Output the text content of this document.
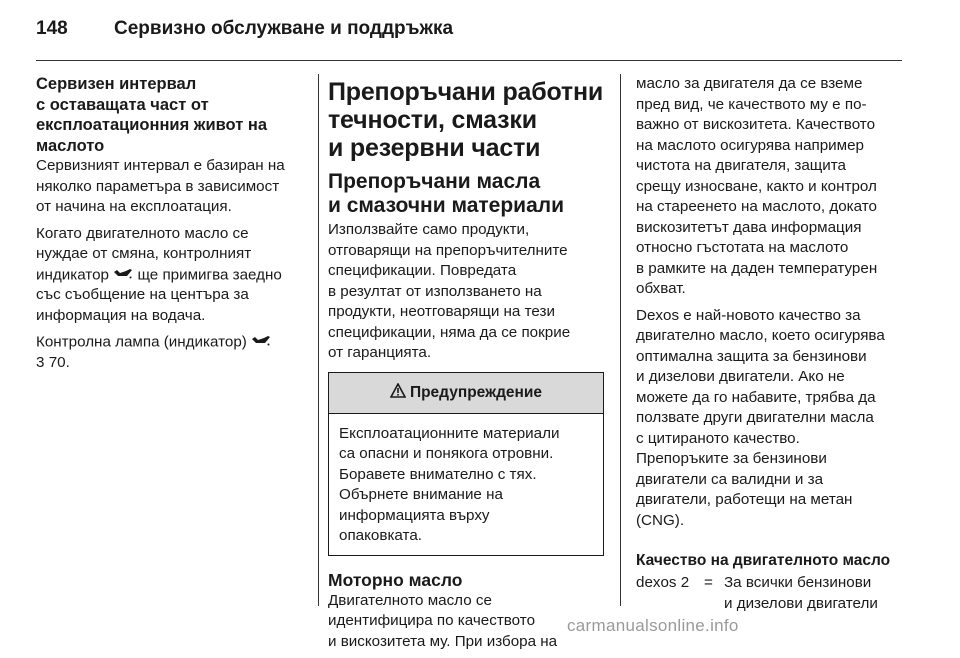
148 Сервизно обслужване и поддръжка
Сервизен интервал
с оставащата част от
експлоатационния живот на
маслото

Сервизният интервал е базиран на
няколко параметъра в зависимост
от начина на експлоатация.

Когато двигателното масло се
нуждае от смяна, контролният
индикатор ще примигва заедно
със съобщение на центъра за
информация на водача.

Контролна лампа (индикатор)
3 70.

Препоръчани работни
течности, смазки
и резервни части
Препоръчани масла
и смазочни материали

Използвайте само продукти,
отговарящи на препоръчителните
спецификации. Повредата
в резултат от използването на
продукти, неотговарящи на тези
спецификации, няма да се покрие
от гаранцията.

Предупреждение

Експлоатационните материали
са опасни и понякога отровни.
Боравете внимателно с тях.
Обърнете внимание на
информацията върху
опаковката.

Моторно масло

Двигателното масло се
идентифицира по качеството
и вискозитета му. При избора на

масло за двигателя да се вземе
пред вид, че качеството му е по-
важно от вискозитета. Качеството
на маслото осигурява например
чистота на двигателя, защита
срещу износване, както и контрол
на стареенето на маслото, докато
вискозитетът дава информация
относно гъстотата на маслото
в рамките на даден температурен
обхват.

Dexos е най-новото качество за
двигателно масло, което осигурява
оптимална защита за бензинови
и дизелови двигатели. Ако не
можете да го набавите, трябва да
ползвате други двигателни масла
с цитираното качество.
Препоръките за бензинови
двигатели са валидни и за
двигатели, работещи на метан
(CNG).

Качество на двигателното масло
dexos 2 = За всички бензинови
и дизелови двигатели
carmanualsonline.info
